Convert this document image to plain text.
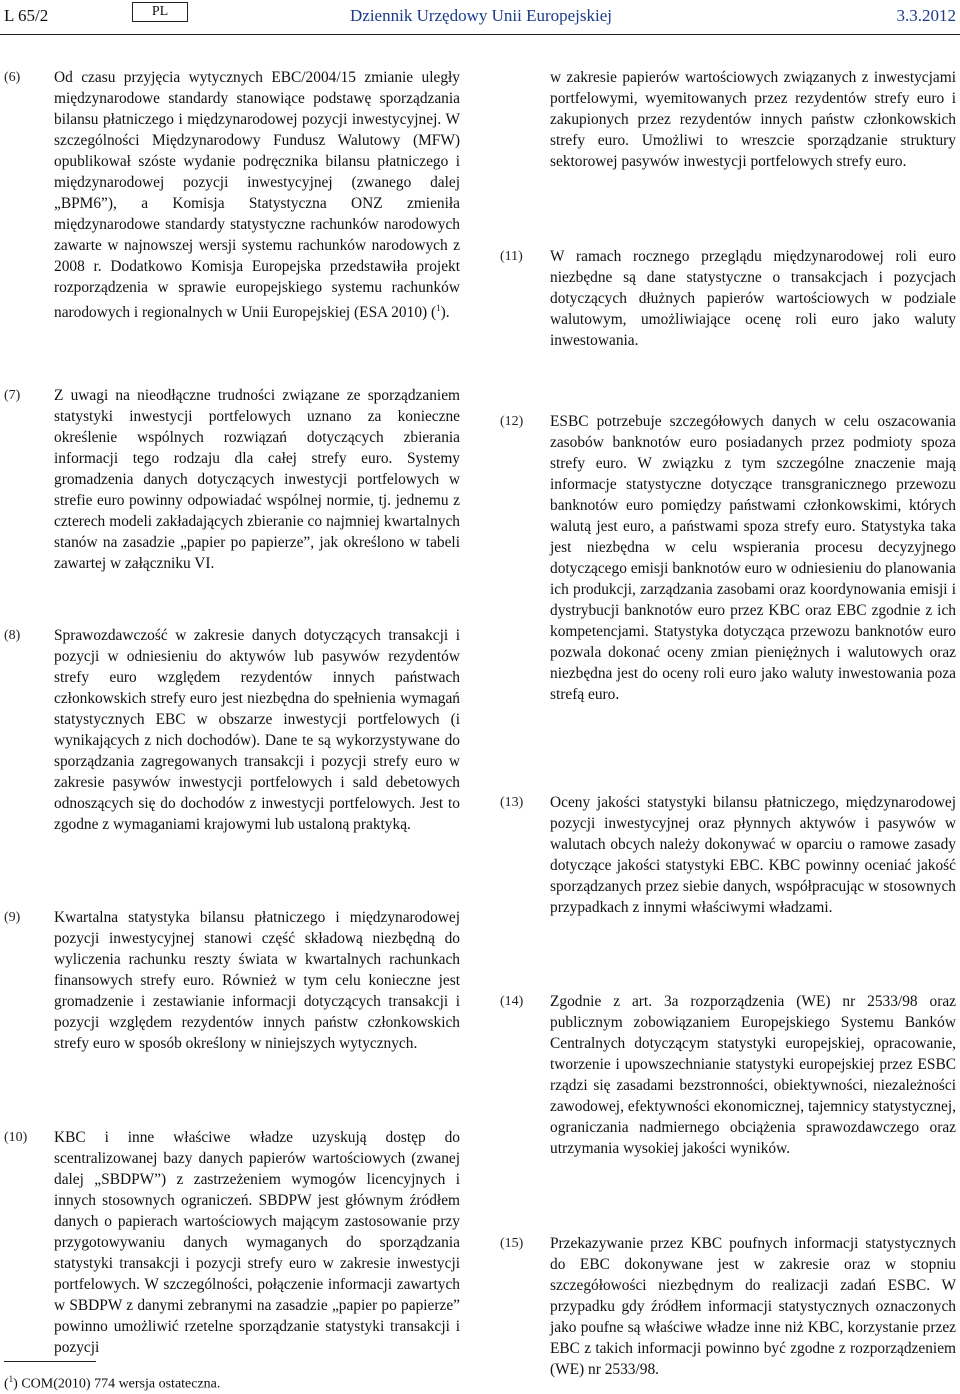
L 65/2	PL	Dziennik Urzędowy Unii Europejskiej	3.3.2012
(6)	Od czasu przyjęcia wytycznych EBC/2004/15 zmianie uległy międzynarodowe standardy stanowiące podstawę sporządzania bilansu płatniczego i międzynarodowej pozycji inwestycyjnej. W szczególności Międzynarodowy Fundusz Walutowy (MFW) opublikował szóste wydanie podręcznika bilansu płatniczego i międzynarodowej pozycji inwestycyjnej (zwanego dalej „BPM6”), a Komisja Statystyczna ONZ zmieniła międzynarodowe standardy statystyczne rachunków narodowych zawarte w najnowszej wersji systemu rachunków narodowych z 2008 r. Dodatkowo Komisja Europejska przedstawiła projekt rozporządzenia w sprawie europejskiego systemu rachunków narodowych i regionalnych w Unii Europejskiej (ESA 2010) ($^1$).
(7)	Z uwagi na nieodłączne trudności związane ze sporządzaniem statystyki inwestycji portfelowych uznano za konieczne określenie wspólnych rozwiązań dotyczących zbierania informacji tego rodzaju dla całej strefy euro. Systemy gromadzenia danych dotyczących inwestycji portfelowych w strefie euro powinny odpowiadać wspólnej normie, tj. jednemu z czterech modeli zakładających zbieranie co najmniej kwartalnych stanów na zasadzie „papier po papierze”, jak określono w tabeli zawartej w załączniku VI.
(8)	Sprawozdawczość w zakresie danych dotyczących transakcji i pozycji w odniesieniu do aktywów lub pasywów rezydentów strefy euro względem rezydentów innych państwach członkowskich strefy euro jest niezbędna do spełnienia wymagań statystycznych EBC w obszarze inwestycji portfelowych (i wynikających z nich dochodów). Dane te są wykorzystywane do sporządzania zagregowanych transakcji i pozycji strefy euro w zakresie pasywów inwestycji portfelowych i sald debetowych odnoszących się do dochodów z inwestycji portfelowych. Jest to zgodne z wymaganiami krajowymi lub ustaloną praktyką.
(9)	Kwartalna statystyka bilansu płatniczego i międzynarodowej pozycji inwestycyjnej stanowi część składową niezbędną do wyliczenia rachunku reszty świata w kwartalnych rachunkach finansowych strefy euro. Również w tym celu konieczne jest gromadzenie i zestawianie informacji dotyczących transakcji i pozycji względem rezydentów innych państw członkowskich strefy euro w sposób określony w niniejszych wytycznych.
(10)	KBC i inne właściwe władze uzyskują dostęp do scentralizowanej bazy danych papierów wartościowych (zwanej dalej „SBDPW”) z zastrzeżeniem wymogów licencyjnych i innych stosownych ograniczeń. SBDPW jest głównym źródłem danych o papierach wartościowych mającym zastosowanie przy przygotowywaniu danych wymaganych do sporządzania statystyki transakcji i pozycji strefy euro w zakresie inwestycji portfelowych. W szczególności, połączenie informacji zawartych w SBDPW z danymi zebranymi na zasadzie „papier po papierze” powinno umożliwić rzetelne sporządzanie statystyki transakcji i pozycji
w zakresie papierów wartościowych związanych z inwestycjami portfelowymi, wyemitowanych przez rezydentów strefy euro i zakupionych przez rezydentów innych państw członkowskich strefy euro. Umożliwi to wreszcie sporządzanie struktury sektorowej pasywów inwestycji portfelowych strefy euro.
(11)	W ramach rocznego przeglądu międzynarodowej roli euro niezbędne są dane statystyczne o transakcjach i pozycjach dotyczących dłużnych papierów wartościowych w podziale walutowym, umożliwiające ocenę roli euro jako waluty inwestowania.
(12)	ESBC potrzebuje szczegółowych danych w celu oszacowania zasobów banknotów euro posiadanych przez podmioty spoza strefy euro. W związku z tym szczególne znaczenie mają informacje statystyczne dotyczące transgranicznego przewozu banknotów euro pomiędzy państwami członkowskimi, których walutą jest euro, a państwami spoza strefy euro. Statystyka taka jest niezbędna w celu wspierania procesu decyzyjnego dotyczącego emisji banknotów euro w odniesieniu do planowania ich produkcji, zarządzania zasobami oraz koordynowania emisji i dystrybucji banknotów euro przez KBC oraz EBC zgodnie z ich kompetencjami. Statystyka dotycząca przewozu banknotów euro pozwala dokonać oceny zmian pieniężnych i walutowych oraz niezbędna jest do oceny roli euro jako waluty inwestowania poza strefą euro.
(13)	Oceny jakości statystyki bilansu płatniczego, międzynarodowej pozycji inwestycyjnej oraz płynnych aktywów i pasywów w walutach obcych należy dokonywać w oparciu o ramowe zasady dotyczące jakości statystyki EBC. KBC powinny oceniać jakość sporządzanych przez siebie danych, współpracując w stosownych przypadkach z innymi właściwymi władzami.
(14)	Zgodnie z art. 3a rozporządzenia (WE) nr 2533/98 oraz publicznym zobowiązaniem Europejskiego Systemu Banków Centralnych dotyczącym statystyki europejskiej, opracowanie, tworzenie i upowszechnianie statystyki europejskiej przez ESBC rządzi się zasadami bezstronności, obiektywności, niezależności zawodowej, efektywności ekonomicznej, tajemnicy statystycznej, ograniczania nadmiernego obciążenia sprawozdawczego oraz utrzymania wysokiej jakości wyników.
(15)	Przekazywanie przez KBC poufnych informacji statystycznych do EBC dokonywane jest w zakresie oraz w stopniu szczegółowości niezbędnym do realizacji zadań ESBC. W przypadku gdy źródłem informacji statystycznych oznaczonych jako poufne są właściwe władze inne niż KBC, korzystanie przez EBC z takich informacji powinno być zgodne z rozporządzeniem (WE) nr 2533/98.
($^1$) COM(2010) 774 wersja ostateczna.
